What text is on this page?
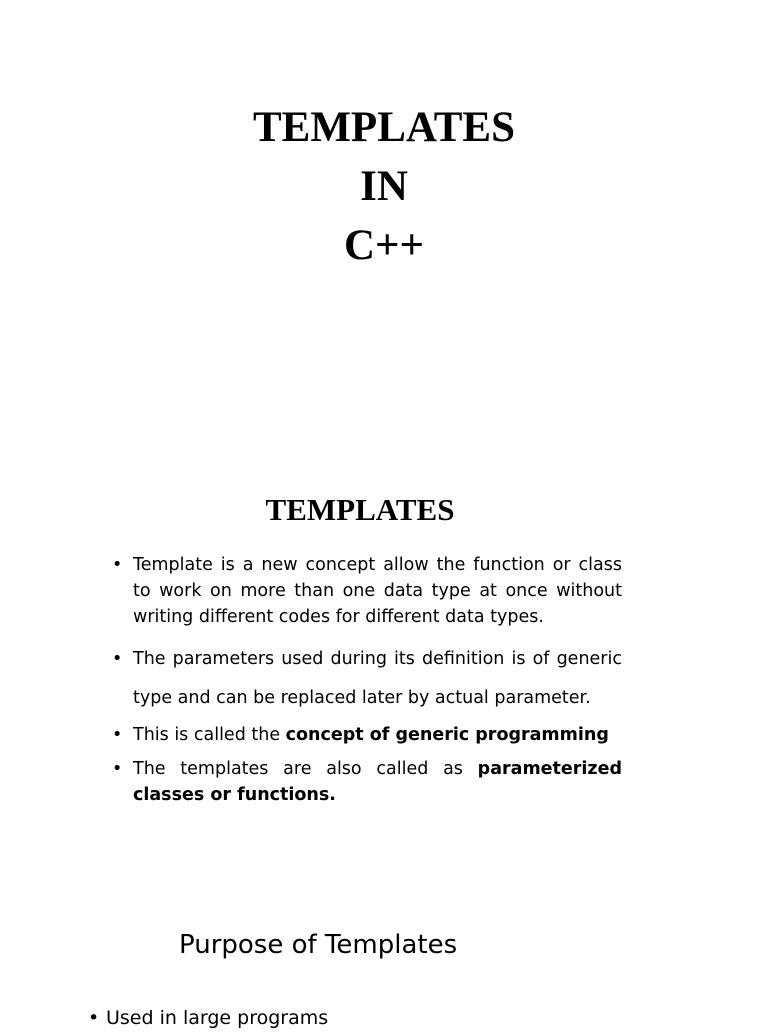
TEMPLATES
IN
C++
TEMPLATES
• Template is a new concept allow the function or class to work on more than one data type at once without writing different codes for different data types.
• The parameters used during its definition is of generic type and can be replaced later by actual parameter.
• This is called the concept of generic programming
• The templates are also called as parameterized classes or functions.
Purpose of Templates
• Used in large programs
